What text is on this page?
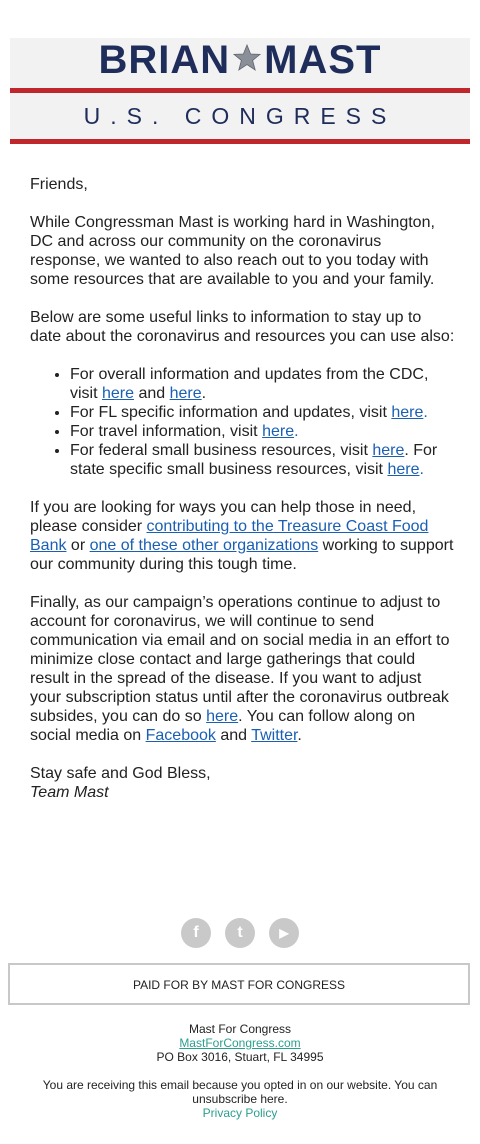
BRIAN MAST
U.S. CONGRESS

Friends,

While Congressman Mast is working hard in Washington, DC and across our community on the coronavirus response, we wanted to also reach out to you today with some resources that are available to you and your family.

Below are some useful links to information to stay up to date about the coronavirus and resources you can use also:

• For overall information and updates from the CDC, visit here and here.
• For FL specific information and updates, visit here.
• For travel information, visit here.
• For federal small business resources, visit here. For state specific small business resources, visit here.

If you are looking for ways you can help those in need, please consider contributing to the Treasure Coast Food Bank or one of these other organizations working to support our community during this tough time.

Finally, as our campaign’s operations continue to adjust to account for coronavirus, we will continue to send communication via email and on social media in an effort to minimize close contact and large gatherings that could result in the spread of the disease. If you want to adjust your subscription status until after the coronavirus outbreak subsides, you can do so here. You can follow along on social media on Facebook and Twitter.

Stay safe and God Bless,
Team Mast
f t	▶
PAID FOR BY MAST FOR CONGRESS
Mast For Congress
MastForCongress.com
PO Box 3016, Stuart, FL 34995
You are receiving this email because you opted in on our website. You can unsubscribe here.
Privacy Policy
